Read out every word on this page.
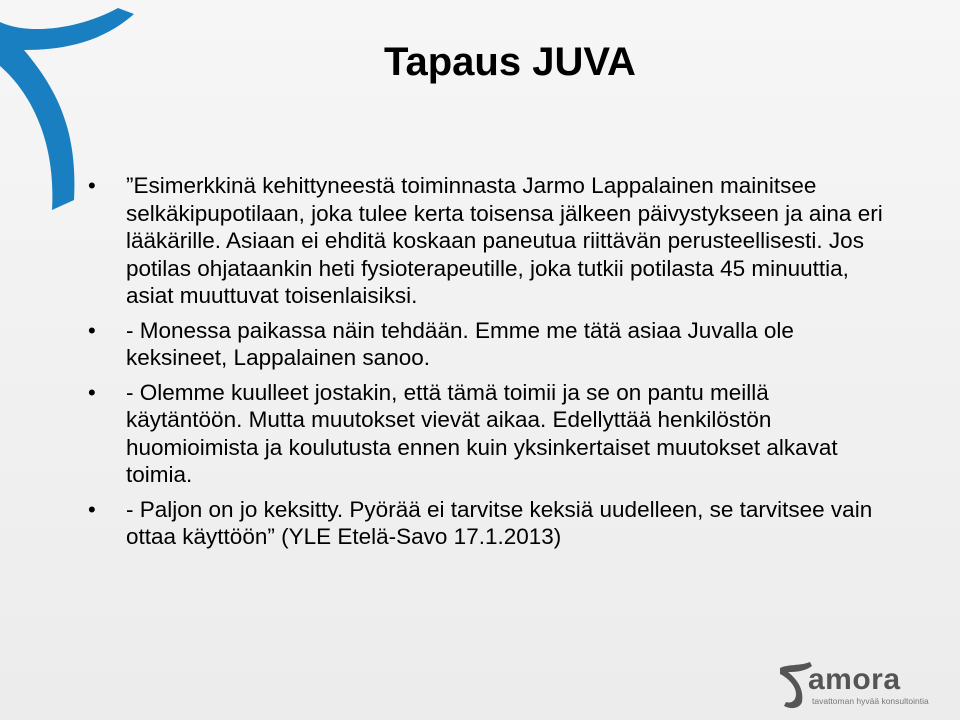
Tapaus JUVA
• ”Esimerkkinä kehittyneestä toiminnasta Jarmo Lappalainen mainitsee selkäkipupotilaan, joka tulee kerta toisensa jälkeen päivystykseen ja aina eri lääkärille. Asiaan ei ehditä koskaan paneutua riittävän perusteellisesti. Jos potilas ohjataankin heti fysioterapeutille, joka tutkii potilasta 45 minuuttia, asiat muuttuvat toisenlaisiksi.
• - Monessa paikassa näin tehdään. Emme me tätä asiaa Juvalla ole keksineet, Lappalainen sanoo.
• - Olemme kuulleet jostakin, että tämä toimii ja se on pantu meillä käytäntöön. Mutta muutokset vievät aikaa. Edellyttää henkilöstön huomioimista ja koulutusta ennen kuin yksinkertaiset muutokset alkavat toimia.
• - Paljon on jo keksitty. Pyörää ei tarvitse keksiä uudelleen, se tarvitsee vain ottaa käyttöön” (YLE Etelä-Savo 17.1.2013)
amora
tavattoman hyvää konsultointia
